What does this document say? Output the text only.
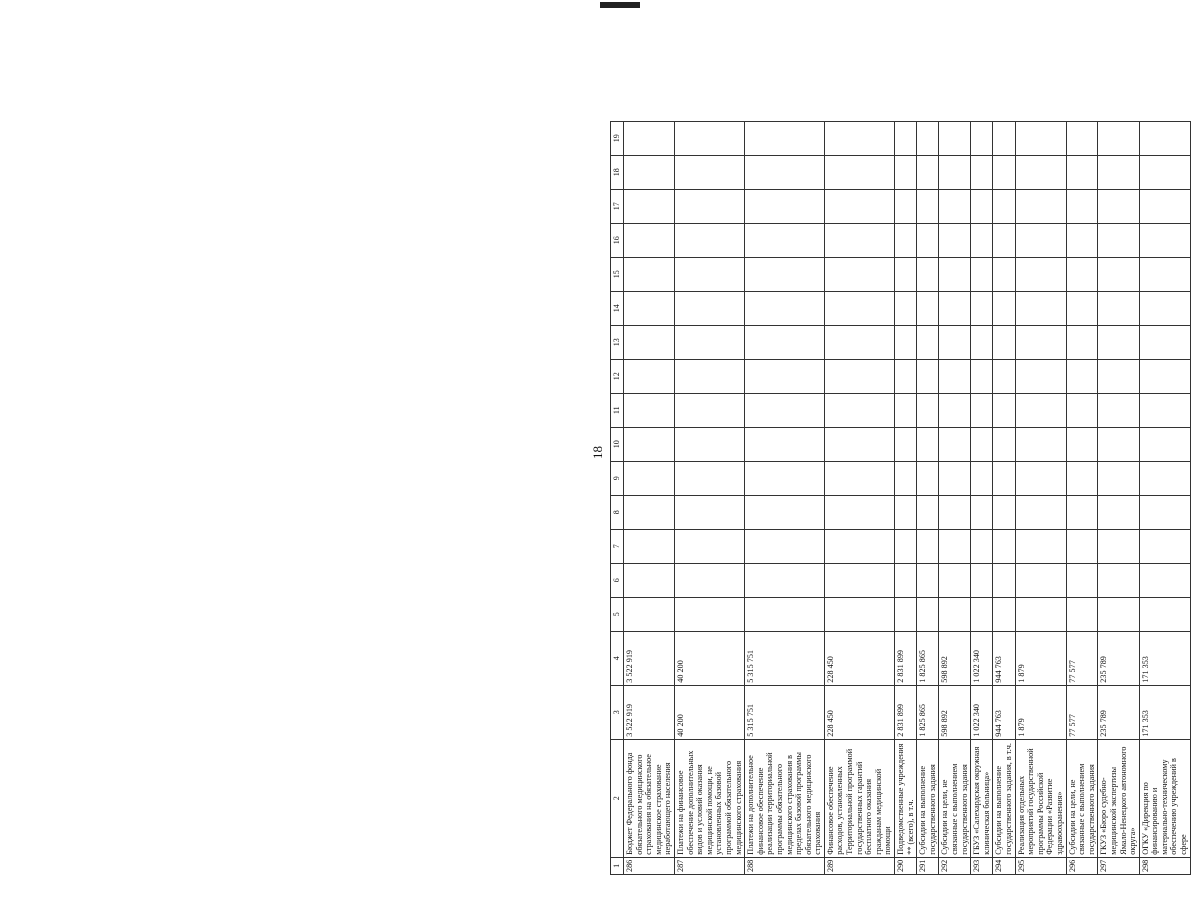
18
1	2	3	4	5	6	7	8	9	10	11	12	13	14	15	16	17	18	19
286	Бюджет Федерального фонда обязательного медицинского страхования на обязательное медицинское страхование неработающего населения	3 522 919	3 522 919															
287	Платежи на финансовое обеспечение дополнительных видов и условий оказания медицинской помощи, не установленных базовой программой обязательного медицинского страхования	40 200	40 200															
288	Платежи на дополнительное финансовое обеспечение реализации территориальной программы обязательного медицинского страхования в пределах базовой программы обязательного медицинского страхования	5 315 751	5 315 751															
289	Финансовое обеспечение расходов, установленных Территориальной программой государственных гарантий бесплатного оказания гражданам медицинской помощи	228 450	228 450															
290	Подведомственные учреждения ** (всего), в т.ч.	2 831 899	2 831 899															
291	Субсидии на выполнение государственного задания	1 825 865	1 825 865															
292	Субсидии на цели, не связанные с выполнением государственного задания	598 892	598 892															
293	ГБУЗ «Салехардская окружная клиническая больница»	1 022 340	1 022 340															
294	Субсидии на выполнение государственного задания, в т.ч.	944 763	944 763															
295	Реализация отдельных мероприятий государственной программы Российской Федерации «Развитие здравоохранения»	1 879	1 879															
296	Субсидии на цели, не связанные с выполнением государственного задания	77 577	77 577															
297	ГКУЗ «Бюро судебно-медицинской экспертизы Ямало-Ненецкого автономного округа»	235 789	235 789															
298	ОГКУ «Дирекция по финансированию и материально-техническому обеспечению учреждений в сфере	171 353	171 353															
